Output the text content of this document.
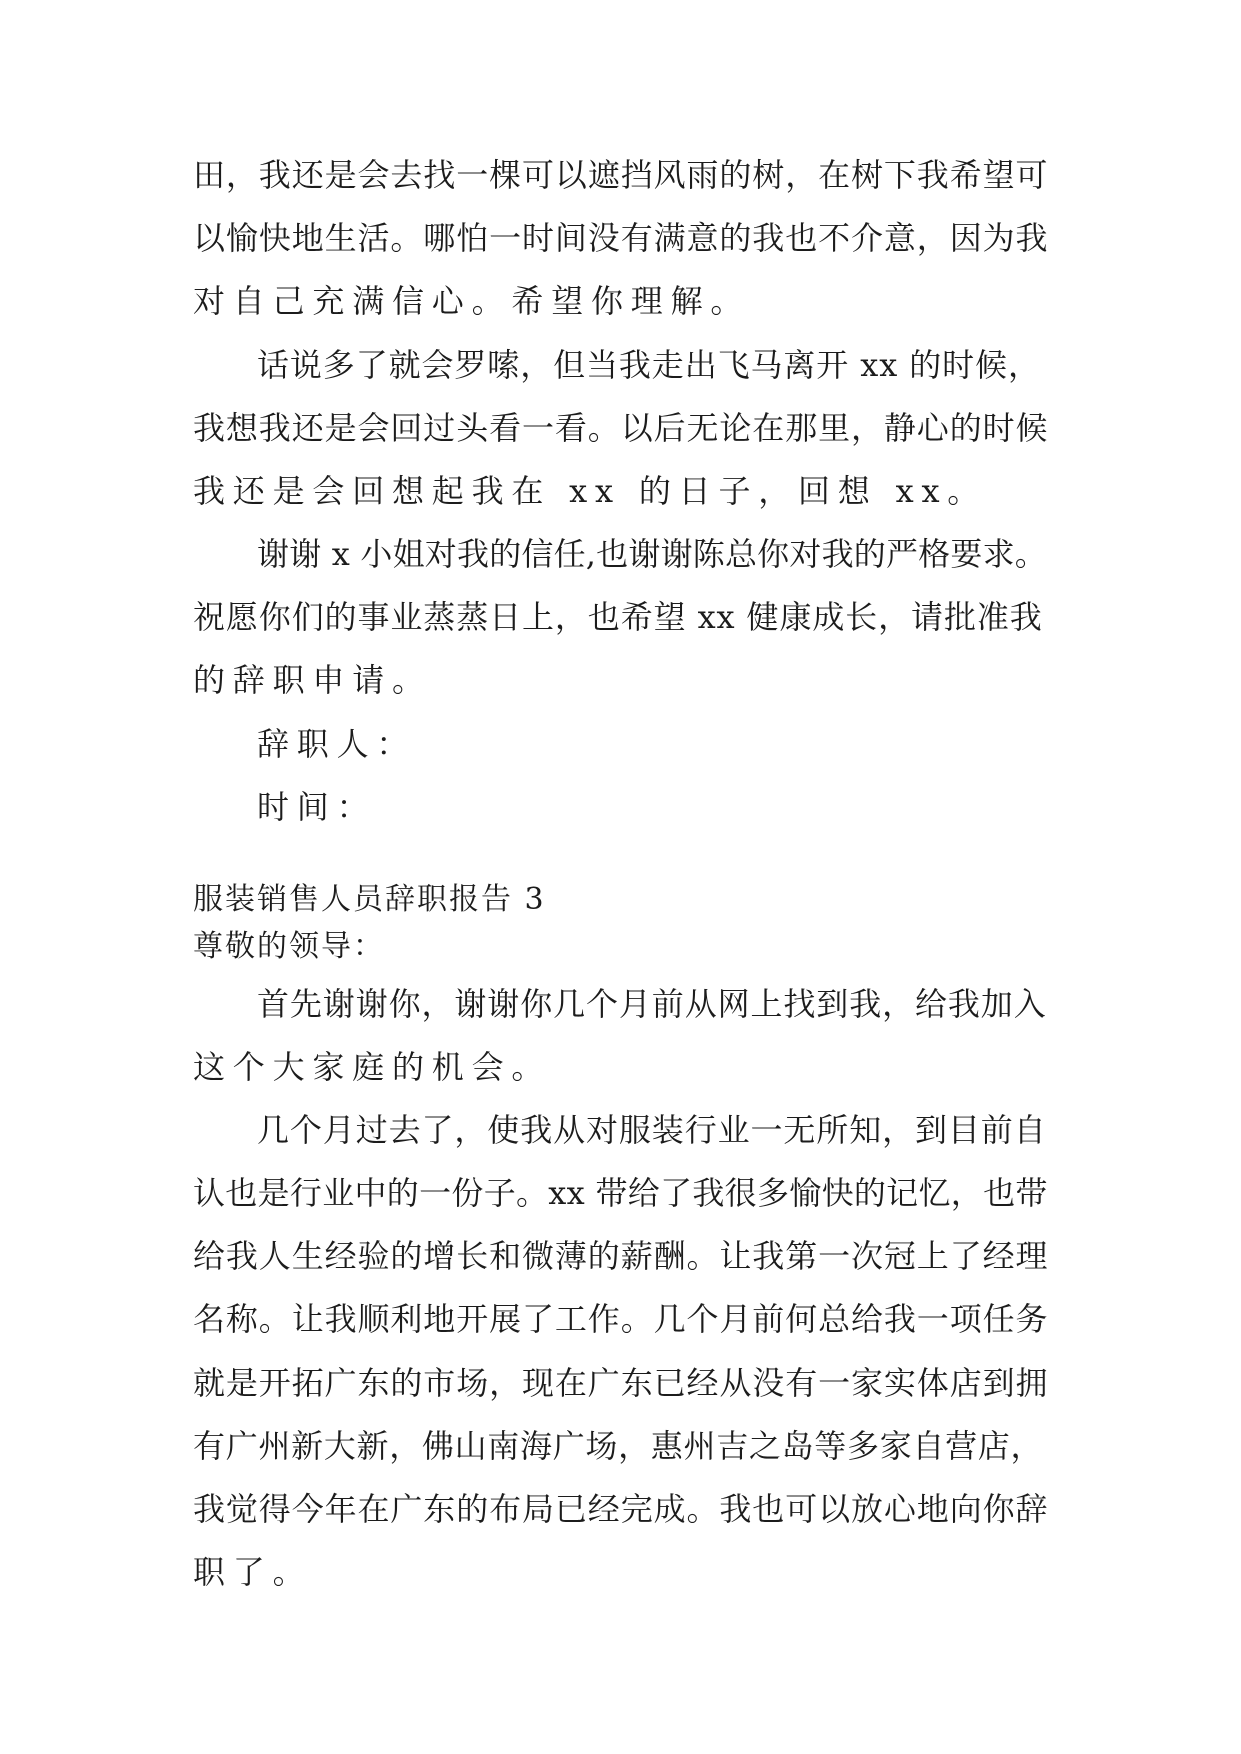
田，我还是会去找一棵可以遮挡风雨的树，在树下我希望可
以愉快地生活。哪怕一时间没有满意的我也不介意，因为我
对自己充满信心。希望你理解。
话说多了就会罗嗦，但当我走出飞马离开 xx 的时候，
我想我还是会回过头看一看。以后无论在那里，静心的时候
我还是会回想起我在 xx 的日子，回想 xx。
谢谢 x 小姐对我的信任,也谢谢陈总你对我的严格要求。
祝愿你们的事业蒸蒸日上，也希望 xx 健康成长，请批准我
的辞职申请。
辞职人：
时间：
服装销售人员辞职报告 3
尊敬的领导：
首先谢谢你，谢谢你几个月前从网上找到我，给我加入
这个大家庭的机会。
几个月过去了，使我从对服装行业一无所知，到目前自
认也是行业中的一份子。xx 带给了我很多愉快的记忆，也带
给我人生经验的增长和微薄的薪酬。让我第一次冠上了经理
名称。让我顺利地开展了工作。几个月前何总给我一项任务
就是开拓广东的市场，现在广东已经从没有一家实体店到拥
有广州新大新，佛山南海广场，惠州吉之岛等多家自营店，
我觉得今年在广东的布局已经完成。我也可以放心地向你辞
职了。
